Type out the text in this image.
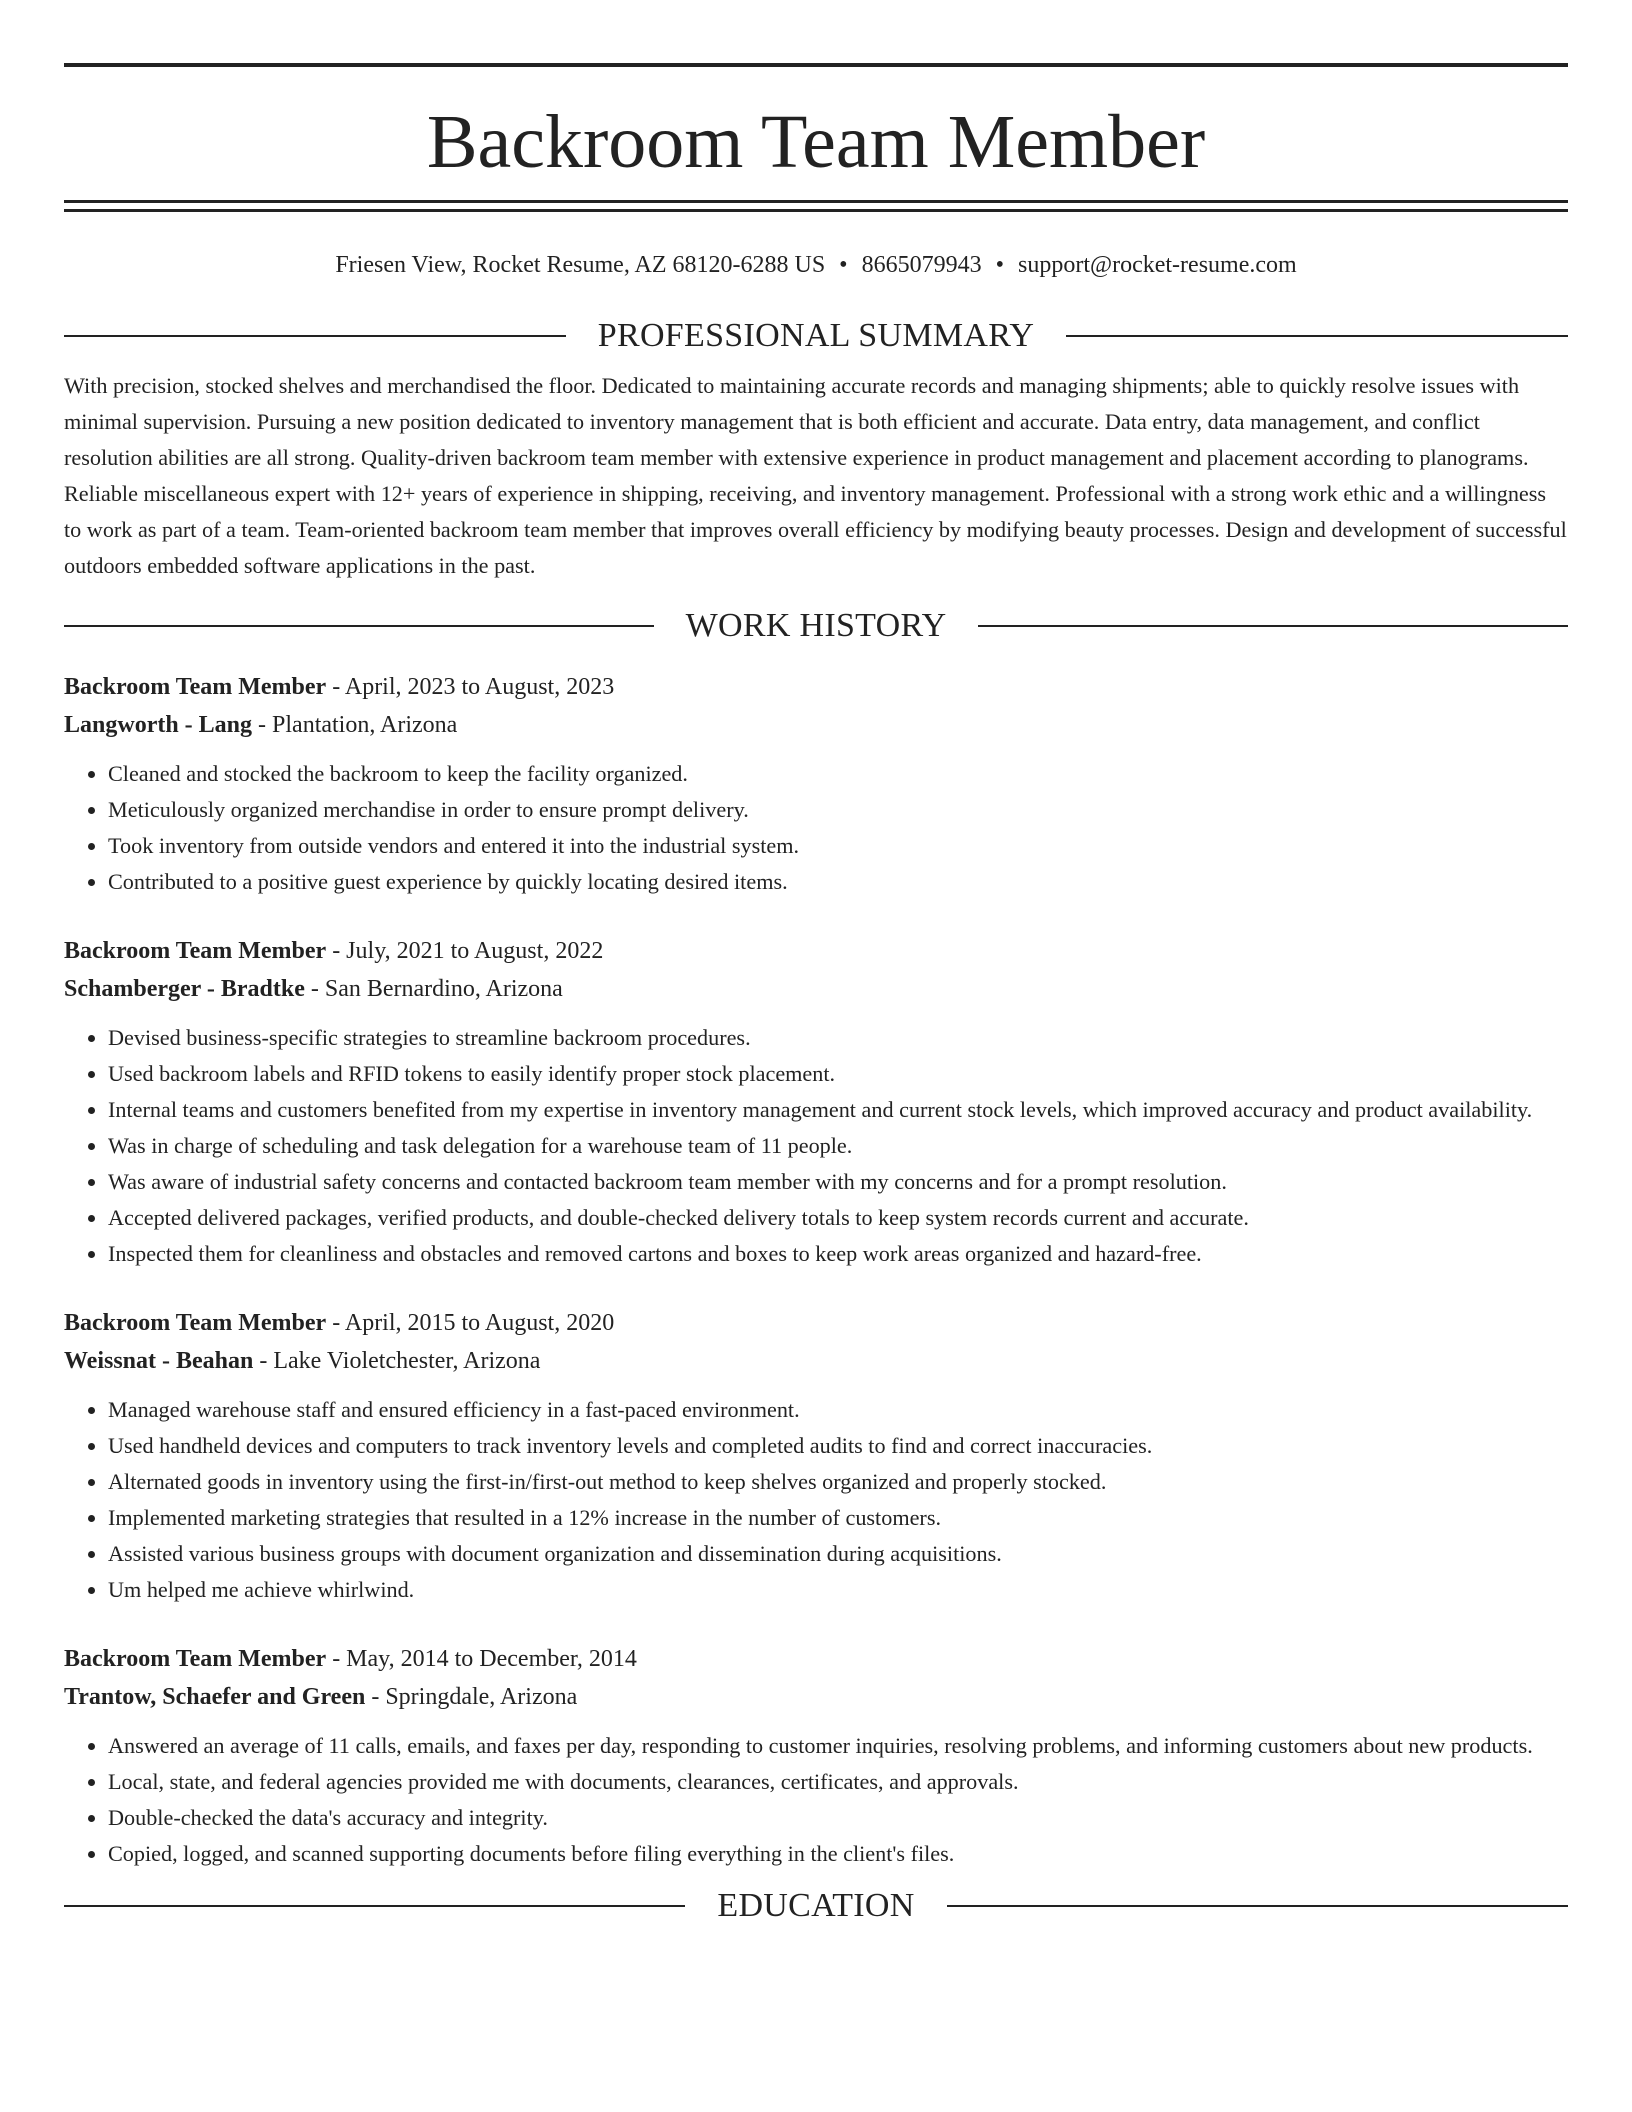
Backroom Team Member
Friesen View, Rocket Resume, AZ 68120-6288 US • 8665079943 • support@rocket-resume.com
PROFESSIONAL SUMMARY

With precision, stocked shelves and merchandised the floor. Dedicated to maintaining accurate records and managing shipments; able to quickly resolve issues with minimal supervision. Pursuing a new position dedicated to inventory management that is both efficient and accurate. Data entry, data management, and conflict resolution abilities are all strong. Quality-driven backroom team member with extensive experience in product management and placement according to planograms. Reliable miscellaneous expert with 12+ years of experience in shipping, receiving, and inventory management. Professional with a strong work ethic and a willingness to work as part of a team. Team-oriented backroom team member that improves overall efficiency by modifying beauty processes. Design and development of successful outdoors embedded software applications in the past.

WORK HISTORY
Backroom Team Member - April, 2023 to August, 2023
Langworth - Lang - Plantation, Arizona
• Cleaned and stocked the backroom to keep the facility organized.
• Meticulously organized merchandise in order to ensure prompt delivery.
• Took inventory from outside vendors and entered it into the industrial system.
• Contributed to a positive guest experience by quickly locating desired items.
Backroom Team Member - July, 2021 to August, 2022
Schamberger - Bradtke - San Bernardino, Arizona
• Devised business-specific strategies to streamline backroom procedures.
• Used backroom labels and RFID tokens to easily identify proper stock placement.
• Internal teams and customers benefited from my expertise in inventory management and current stock levels, which improved accuracy and product availability.
• Was in charge of scheduling and task delegation for a warehouse team of 11 people.
• Was aware of industrial safety concerns and contacted backroom team member with my concerns and for a prompt resolution.
• Accepted delivered packages, verified products, and double-checked delivery totals to keep system records current and accurate.
• Inspected them for cleanliness and obstacles and removed cartons and boxes to keep work areas organized and hazard-free.
Backroom Team Member - April, 2015 to August, 2020
Weissnat - Beahan - Lake Violetchester, Arizona
• Managed warehouse staff and ensured efficiency in a fast-paced environment.
• Used handheld devices and computers to track inventory levels and completed audits to find and correct inaccuracies.
• Alternated goods in inventory using the first-in/first-out method to keep shelves organized and properly stocked.
• Implemented marketing strategies that resulted in a 12% increase in the number of customers.
• Assisted various business groups with document organization and dissemination during acquisitions.
• Um helped me achieve whirlwind.
Backroom Team Member - May, 2014 to December, 2014
Trantow, Schaefer and Green - Springdale, Arizona
• Answered an average of 11 calls, emails, and faxes per day, responding to customer inquiries, resolving problems, and informing customers about new products.
• Local, state, and federal agencies provided me with documents, clearances, certificates, and approvals.
• Double-checked the data's accuracy and integrity.
• Copied, logged, and scanned supporting documents before filing everything in the client's files.
EDUCATION
